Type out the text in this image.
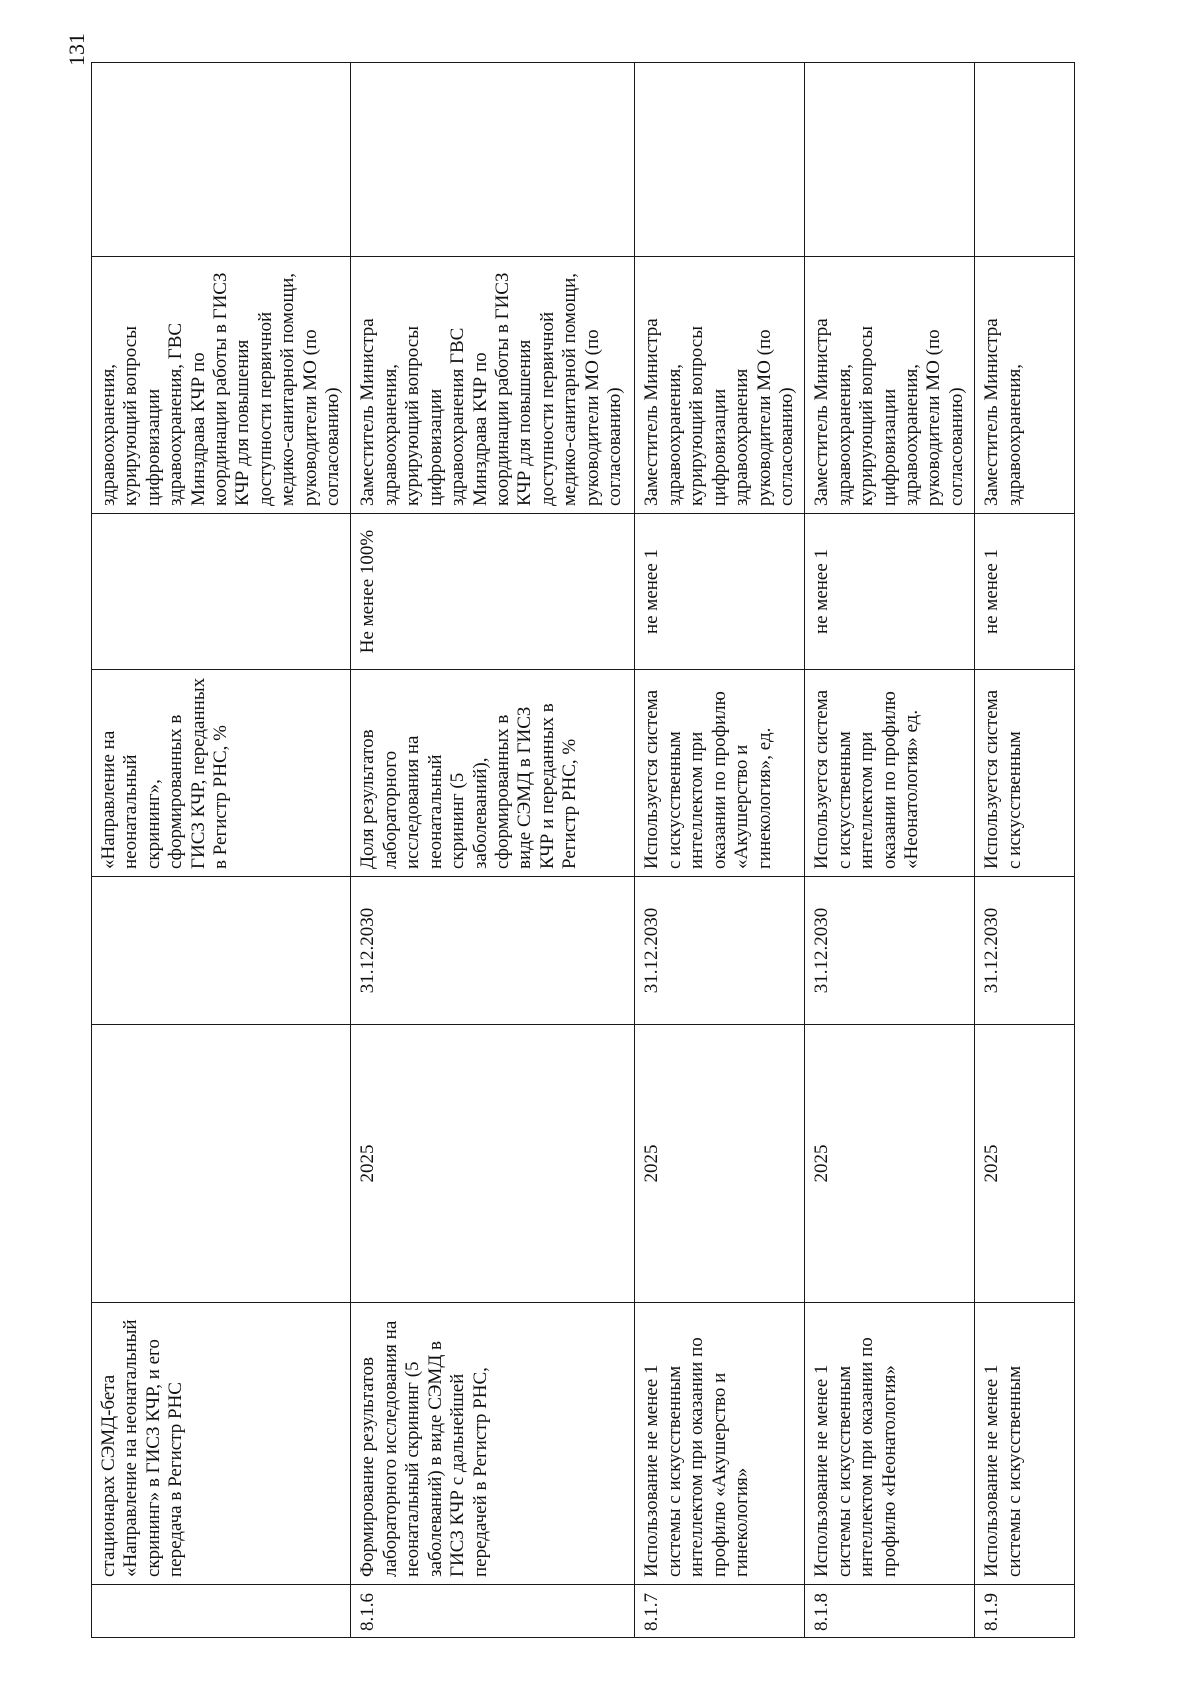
131
	стационарах СЭМД-бета «Направление на неонатальный скрининг» в ГИСЗ КЧР, и его передача в Регистр РНС			«Направление на неонатальный скрининг», сформированных в ГИСЗ КЧР, переданных в Регистр РНС, %		здравоохранения, курирующий вопросы цифровизации здравоохранения, ГВС Минздрава КЧР по координации работы в ГИСЗ КЧР для повышения доступности первичной медико-санитарной помощи, руководители МО (по согласованию)	
8.1.6	Формирование результатов лабораторного исследования на неонатальный скрининг (5 заболеваний) в виде СЭМД в ГИСЗ КЧР с дальнейшей передачей в Регистр РНС,	2025	31.12.2030	Доля результатов лабораторного исследования на неонатальный скрининг (5 заболеваний), сформированных в виде СЭМД в ГИСЗ КЧР и переданных в Регистр РНС, %	Не менее 100%	Заместитель Министра здравоохранения, курирующий вопросы цифровизации здравоохранения ГВС Минздрава КЧР по координации работы в ГИСЗ КЧР для повышения доступности первичной медико-санитарной помощи, руководители МО (по согласованию)	
8.1.7	Использование не менее 1 системы с искусственным интеллектом при оказании по профилю «Акушерство и гинекология»	2025	31.12.2030	Используется система с искусственным интеллектом при оказании по профилю «Акушерство и гинекология», ед.	не менее 1	Заместитель Министра здравоохранения, курирующий вопросы цифровизации здравоохранения руководители МО (по согласованию)	
8.1.8	Использование не менее 1 системы с искусственным интеллектом при оказании по профилю «Неонатология»	2025	31.12.2030	Используется система с искусственным интеллектом при оказании по профилю «Неонатология» ед.	не менее 1	Заместитель Министра здравоохранения, курирующий вопросы цифровизации здравоохранения, руководители МО (по согласованию)	
8.1.9	Использование не менее 1 системы с искусственным	2025	31.12.2030	Используется система с искусственным	не менее 1	Заместитель Министра здравоохранения,	
